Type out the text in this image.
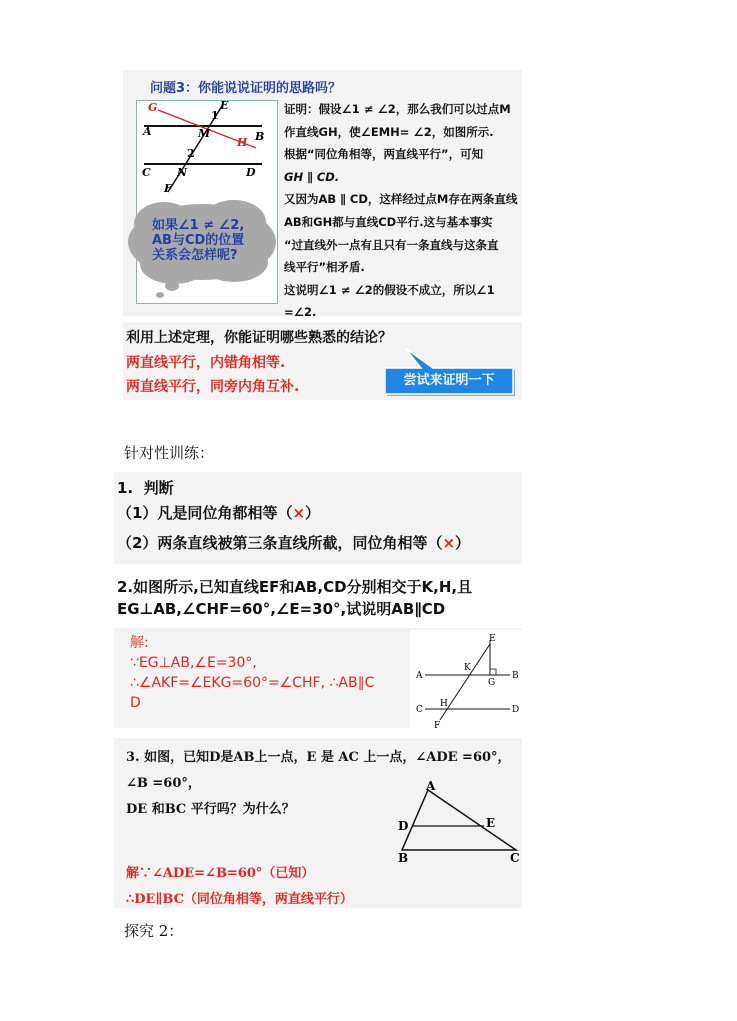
问题3：你能说说证明的思路吗？
G	E
1
A	M	B
H
2
C N	D
F
如果∠1 ≠ ∠2,
AB与CD的位置
关系会怎样呢?
证明：假设∠1 ≠ ∠2，那么我们可以过点M
作直线GH，使∠EMH= ∠2，如图所示.
根据“同位角相等，两直线平行”，可知
GH ∥ CD.
又因为AB ∥ CD，这样经过点M存在两条直线
AB和GH都与直线CD平行.这与基本事实
“过直线外一点有且只有一条直线与这条直
线平行”相矛盾.
这说明∠1 ≠ ∠2的假设不成立，所以∠1
=∠2.
利用上述定理，你能证明哪些熟悉的结论？
两直线平行，内错角相等.
两直线平行，同旁内角互补.	尝试来证明一下
针对性训练：
1.  判断
（1）凡是同位角都相等（×）
（2）两条直线被第三条直线所截，同位角相等（×）
2.如图所示,已知直线EF和AB,CD分别相交于K,H,且
EG⊥AB,∠CHF=60°,∠E=30°,试说明AB∥CD
解:
∵EG⊥AB,∠E=30°,
∴∠AKF=∠EKG=60°=∠CHF, ∴AB∥C
D
E
K
A
G
B
C
H
D
F
3. 如图，已知D是AB上一点，E 是 AC 上一点，∠ADE =60°，
∠B =60°，
DE 和BC 平行吗？为什么？
A
D	E
B	C
解∵∠ADE=∠B=60°（已知）
∴DE∥BC（同位角相等，两直线平行）
探究 2：
